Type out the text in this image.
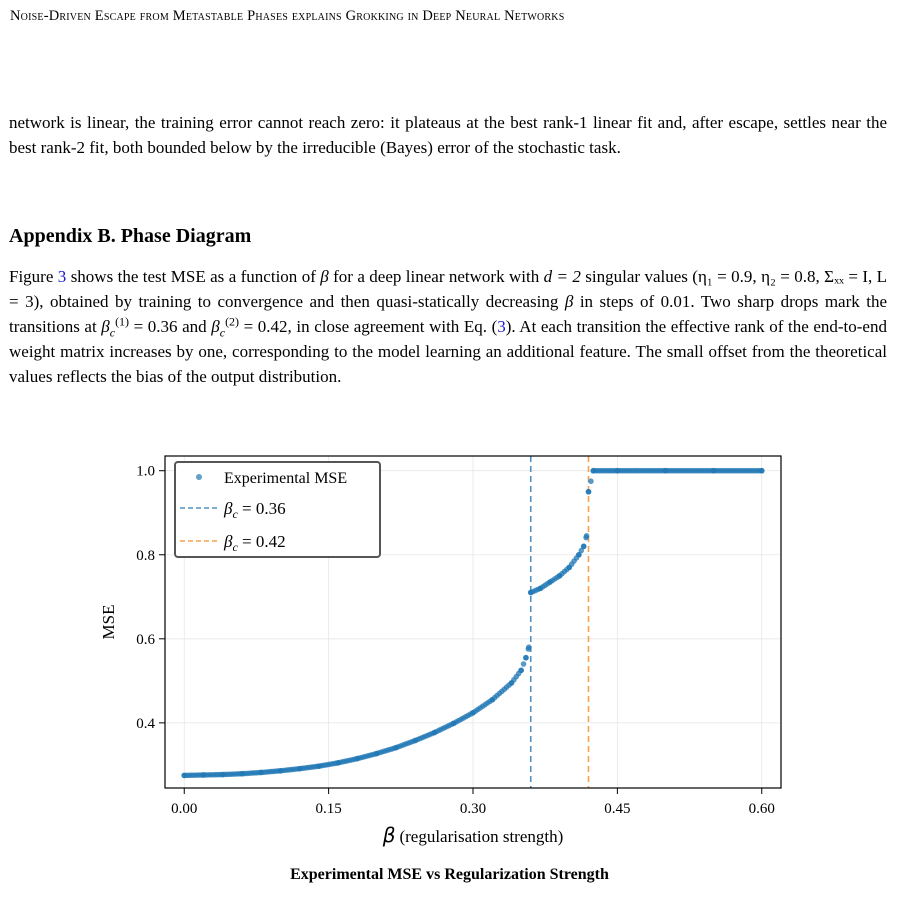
Noise-Driven Escape from Metastable Phases explains Grokking in Deep Neural Networks
network is linear, the training error cannot reach zero: it plateaus at the best rank-1 linear fit and, after escape, settles near the best rank-2 fit, both bounded below by the irreducible (Bayes) error of the stochastic task.
Appendix B. Phase Diagram
Figure 3 shows the test MSE as a function of β for a deep linear network with d = 2 singular values (η₁ = 0.9, η₂ = 0.8, Σₓₓ = I, L = 3), obtained by training to convergence and then quasi-statically decreasing β in steps of 0.01. Two sharp drops mark the transitions at $\beta_c^{(1)} = 0.36$ and $\beta_c^{(2)} = 0.42$, in close agreement with Eq. (3). At each transition the effective rank of the end-to-end weight matrix increases by one, corresponding to the model learning an additional feature. The small offset from the theoretical values reflects the bias of the output distribution.
0.00	0.15	0.30	0.45	0.60
0.4
0.6
0.8
1.0
MSE
β (regularisation strength)
Experimental MSE
$\beta_c = 0.36$
$\beta_c = 0.42$
Experimental MSE vs Regularization Strength
